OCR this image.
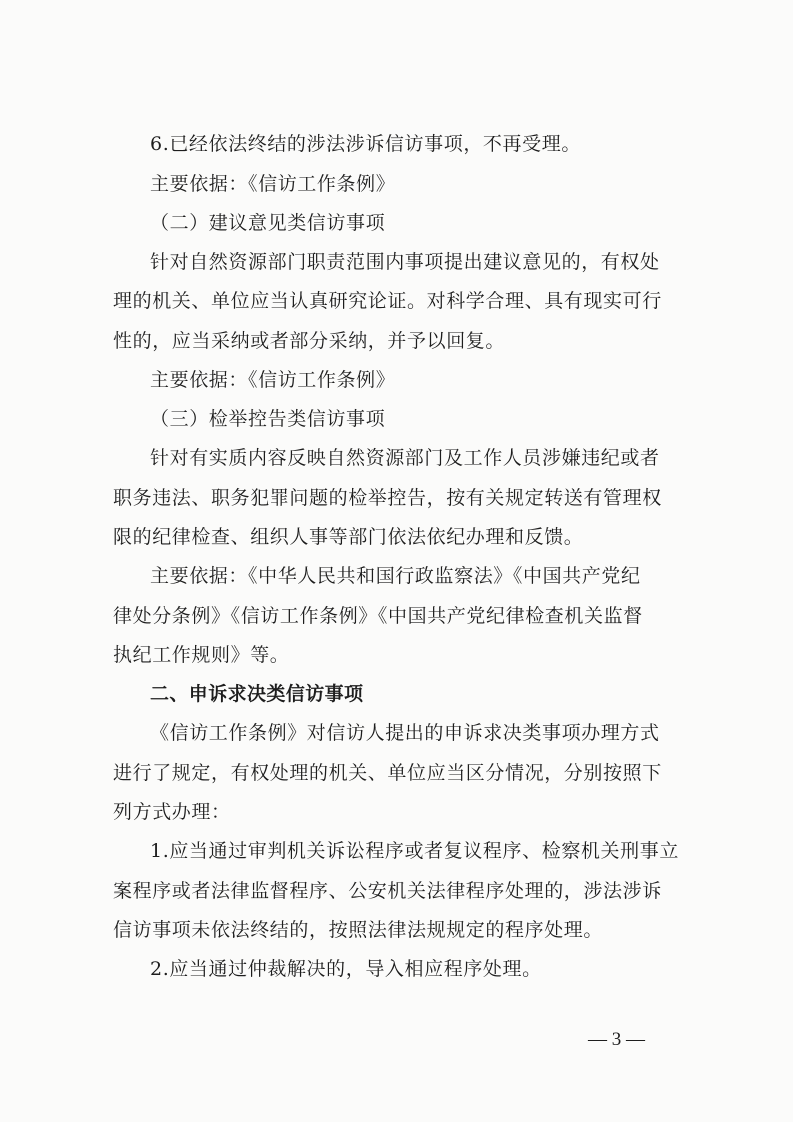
6.已经依法终结的涉法涉诉信访事项，不再受理。
主要依据：《信访工作条例》
（二）建议意见类信访事项
针对自然资源部门职责范围内事项提出建议意见的，有权处
理的机关、单位应当认真研究论证。对科学合理、具有现实可行
性的，应当采纳或者部分采纳，并予以回复。
主要依据：《信访工作条例》
（三）检举控告类信访事项
针对有实质内容反映自然资源部门及工作人员涉嫌违纪或者
职务违法、职务犯罪问题的检举控告，按有关规定转送有管理权
限的纪律检查、组织人事等部门依法依纪办理和反馈。
主要依据：《中华人民共和国行政监察法》《中国共产党纪
律处分条例》《信访工作条例》《中国共产党纪律检查机关监督
执纪工作规则》等。
二、申诉求决类信访事项
《信访工作条例》对信访人提出的申诉求决类事项办理方式
进行了规定，有权处理的机关、单位应当区分情况，分别按照下
列方式办理：
1.应当通过审判机关诉讼程序或者复议程序、检察机关刑事立
案程序或者法律监督程序、公安机关法律程序处理的，涉法涉诉
信访事项未依法终结的，按照法律法规规定的程序处理。
2.应当通过仲裁解决的，导入相应程序处理。
— 3 —
